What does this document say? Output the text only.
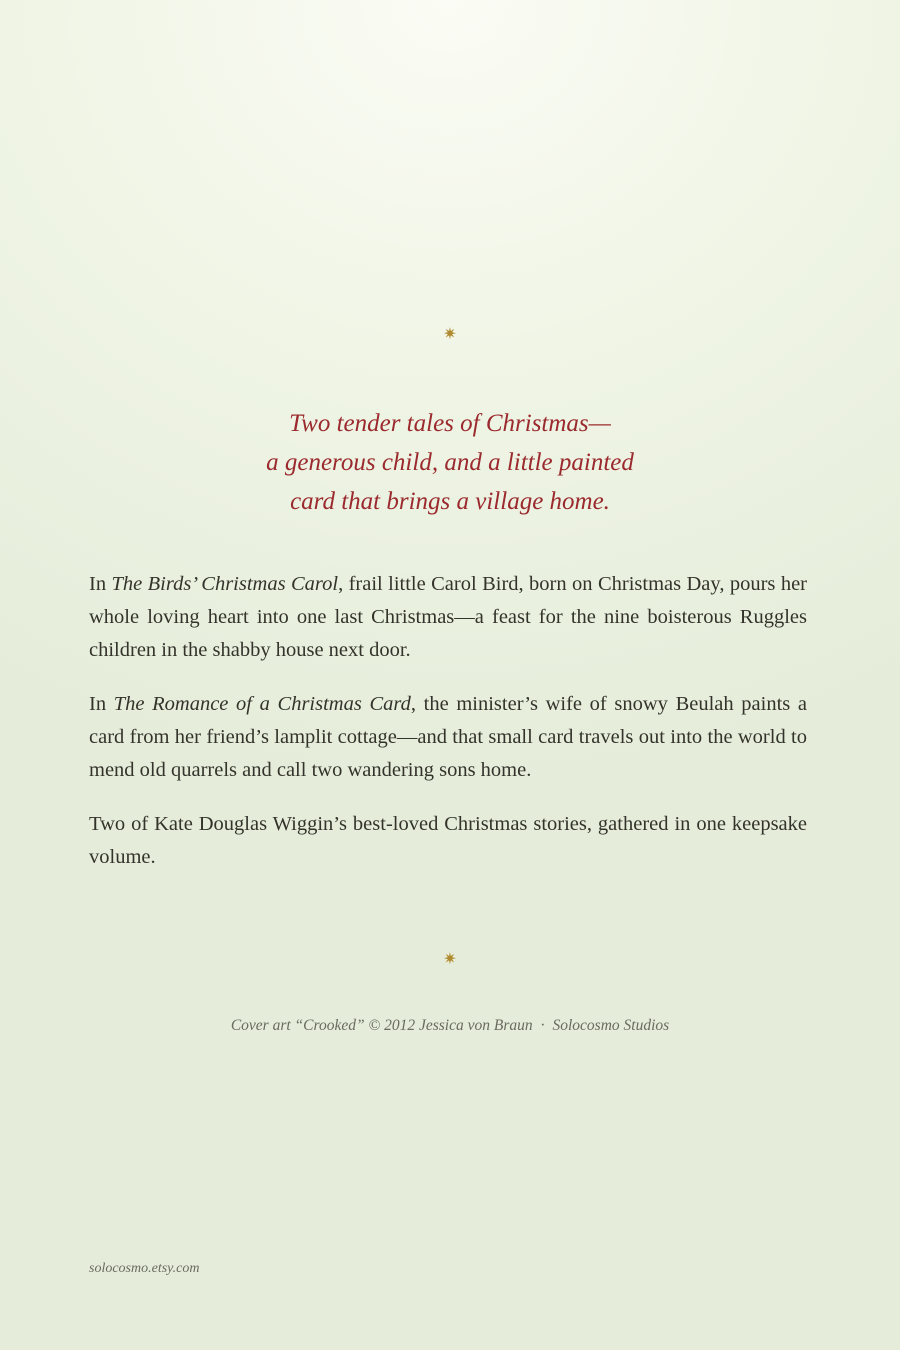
✷
Two tender tales of Christmas—
a generous child, and a little painted
card that brings a village home.

In The Birds’ Christmas Carol, frail little Carol Bird, born on Christmas Day, pours her whole loving heart into one last Christmas—a feast for the nine boisterous Ruggles children in the shabby house next door.

In The Romance of a Christmas Card, the minister’s wife of snowy Beulah paints a card from her friend’s lamplit cottage—and that small card travels out into the world to mend old quarrels and call two wandering sons home.

Two of Kate Douglas Wiggin’s best-loved Christmas stories, gathered in one keepsake volume.

✷
Cover art “Crooked” © 2012 Jessica von Braun · Solocosmo Studios
solocosmo.etsy.com
